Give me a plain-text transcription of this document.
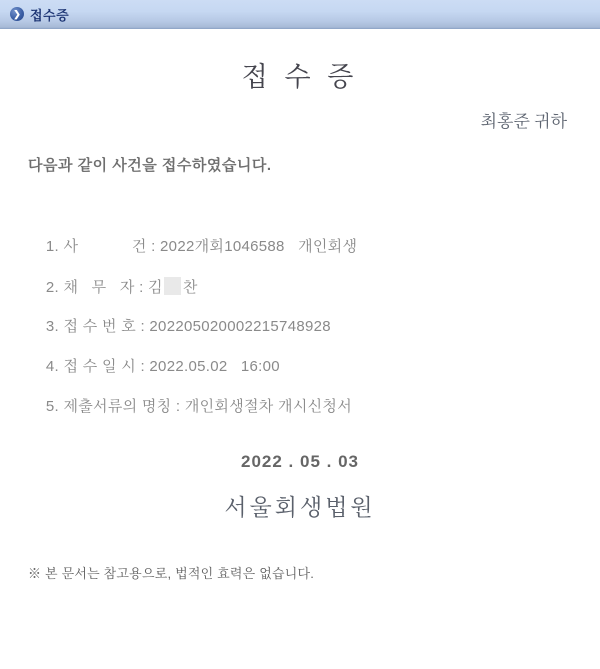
❯ 접수증
접 수 증
최홍준 귀하
다음과 같이 사건을 접수하였습니다.

1. 사            건 : 2022개회1046588   개인회생

2. 채   무   자 : 김 찬

3. 접 수 번 호 : 202205020002215748928

4. 접 수 일 시 : 2022.05.02   16:00

5. 제출서류의 명칭 : 개인회생절차 개시신청서

2022 . 05 . 03
서울회생법원
※ 본 문서는 참고용으로, 법적인 효력은 없습니다.
